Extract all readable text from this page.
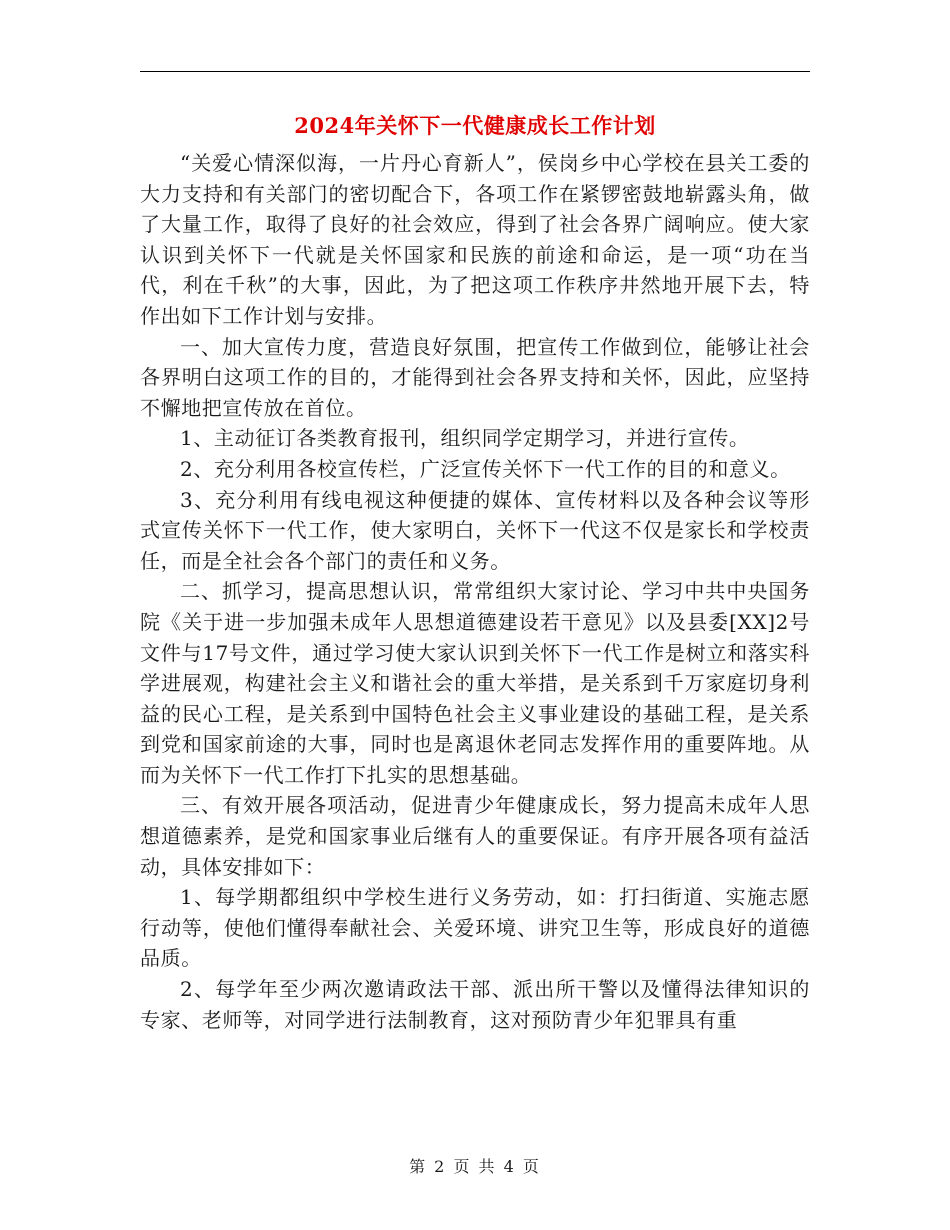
2024年关怀下一代健康成长工作计划

“关爱心情深似海，一片丹心育新人”，侯岗乡中心学校在县关工委的大力支持和有关部门的密切配合下，各项工作在紧锣密鼓地崭露头角，做了大量工作，取得了良好的社会效应，得到了社会各界广阔响应。使大家认识到关怀下一代就是关怀国家和民族的前途和命运，是一项“功在当代，利在千秋”的大事，因此，为了把这项工作秩序井然地开展下去，特作出如下工作计划与安排。

一、加大宣传力度，营造良好氛围，把宣传工作做到位，能够让社会各界明白这项工作的目的，才能得到社会各界支持和关怀，因此，应坚持不懈地把宣传放在首位。

1、主动征订各类教育报刊，组织同学定期学习，并进行宣传。

2、充分利用各校宣传栏，广泛宣传关怀下一代工作的目的和意义。

3、充分利用有线电视这种便捷的媒体、宣传材料以及各种会议等形式宣传关怀下一代工作，使大家明白，关怀下一代这不仅是家长和学校责任，而是全社会各个部门的责任和义务。

二、抓学习，提高思想认识，常常组织大家讨论、学习中共中央国务院《关于进一步加强未成年人思想道德建设若干意见》以及县委[XX]2号文件与17号文件，通过学习使大家认识到关怀下一代工作是树立和落实科学进展观，构建社会主义和谐社会的重大举措，是关系到千万家庭切身利益的民心工程，是关系到中国特色社会主义事业建设的基础工程，是关系到党和国家前途的大事，同时也是离退休老同志发挥作用的重要阵地。从而为关怀下一代工作打下扎实的思想基础。

三、有效开展各项活动，促进青少年健康成长，努力提高未成年人思想道德素养，是党和国家事业后继有人的重要保证。有序开展各项有益活动，具体安排如下：

1、每学期都组织中学校生进行义务劳动，如：打扫街道、实施志愿行动等，使他们懂得奉献社会、关爱环境、讲究卫生等，形成良好的道德品质。

2、每学年至少两次邀请政法干部、派出所干警以及懂得法律知识的专家、老师等，对同学进行法制教育，这对预防青少年犯罪具有重

第 2 页 共 4 页
